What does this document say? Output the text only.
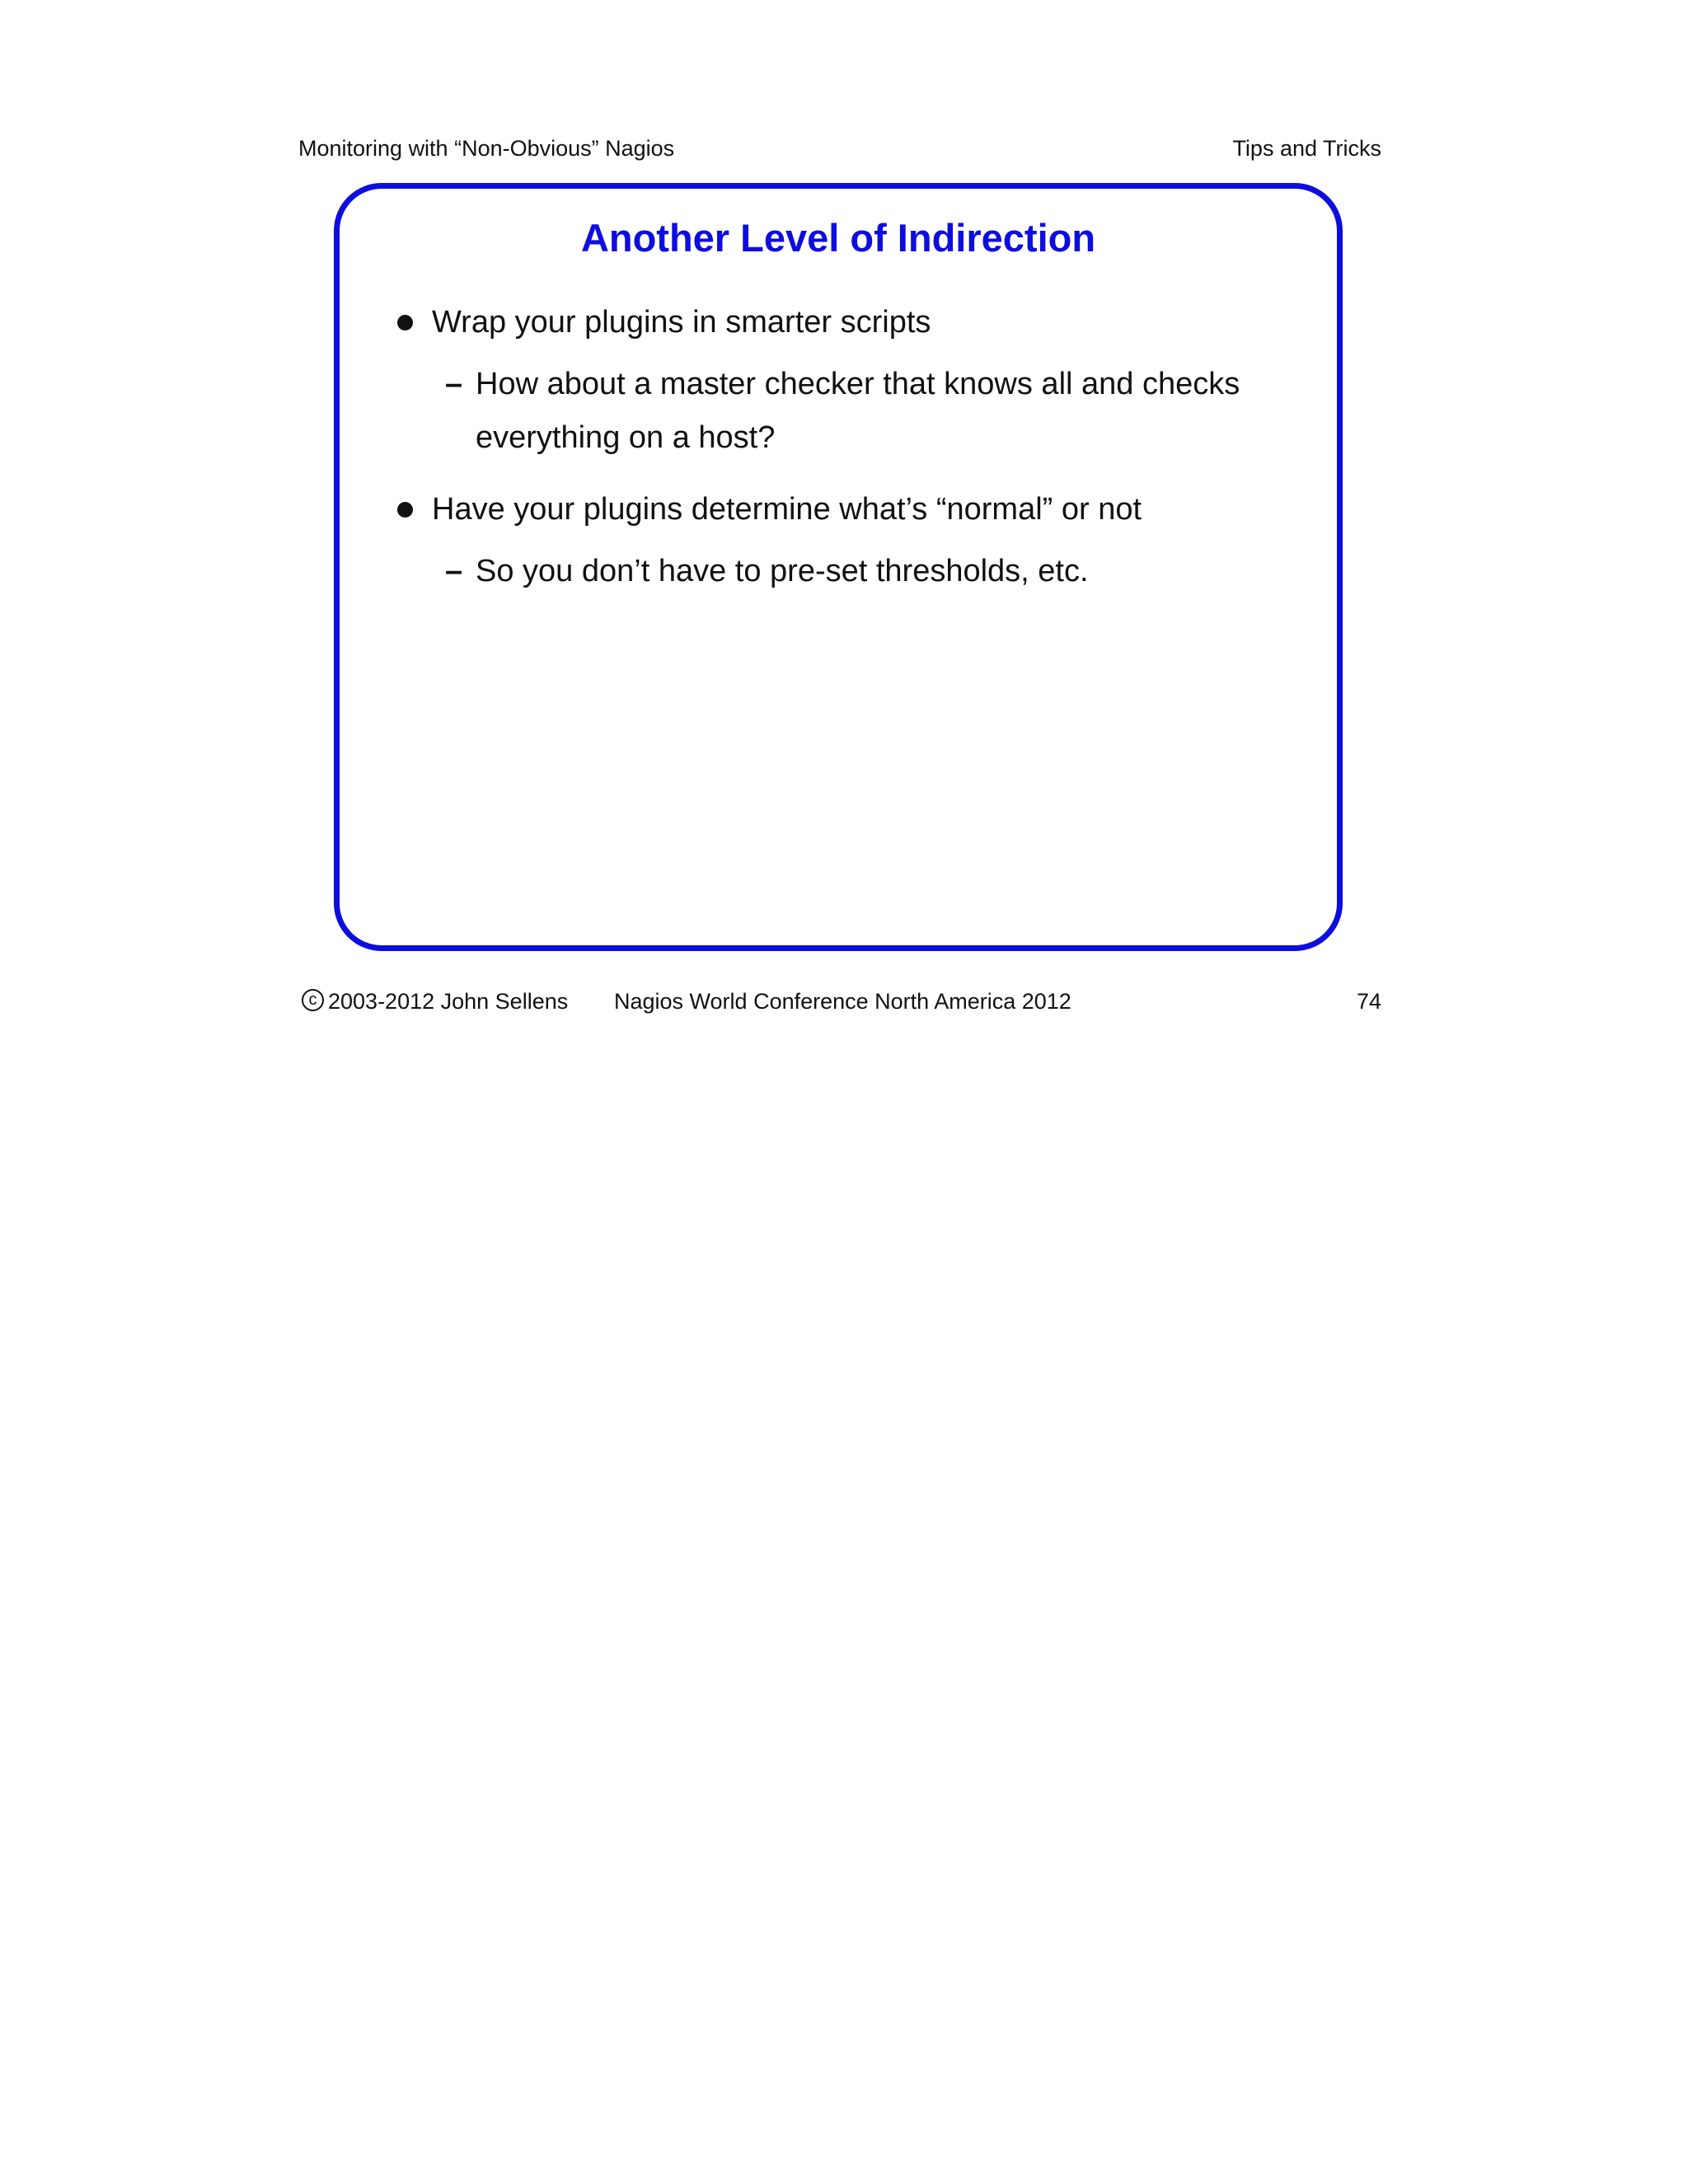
Monitoring with “Non-Obvious” Nagios	Tips and Tricks
Another Level of Indirection
Wrap your plugins in smarter scripts
– How about a master checker that knows all and checks everything on a host?
Have your plugins determine what’s “normal” or not
– So you don’t have to pre-set thresholds, etc.
c 2003-2012 John Sellens Nagios World Conference North America 2012	74
